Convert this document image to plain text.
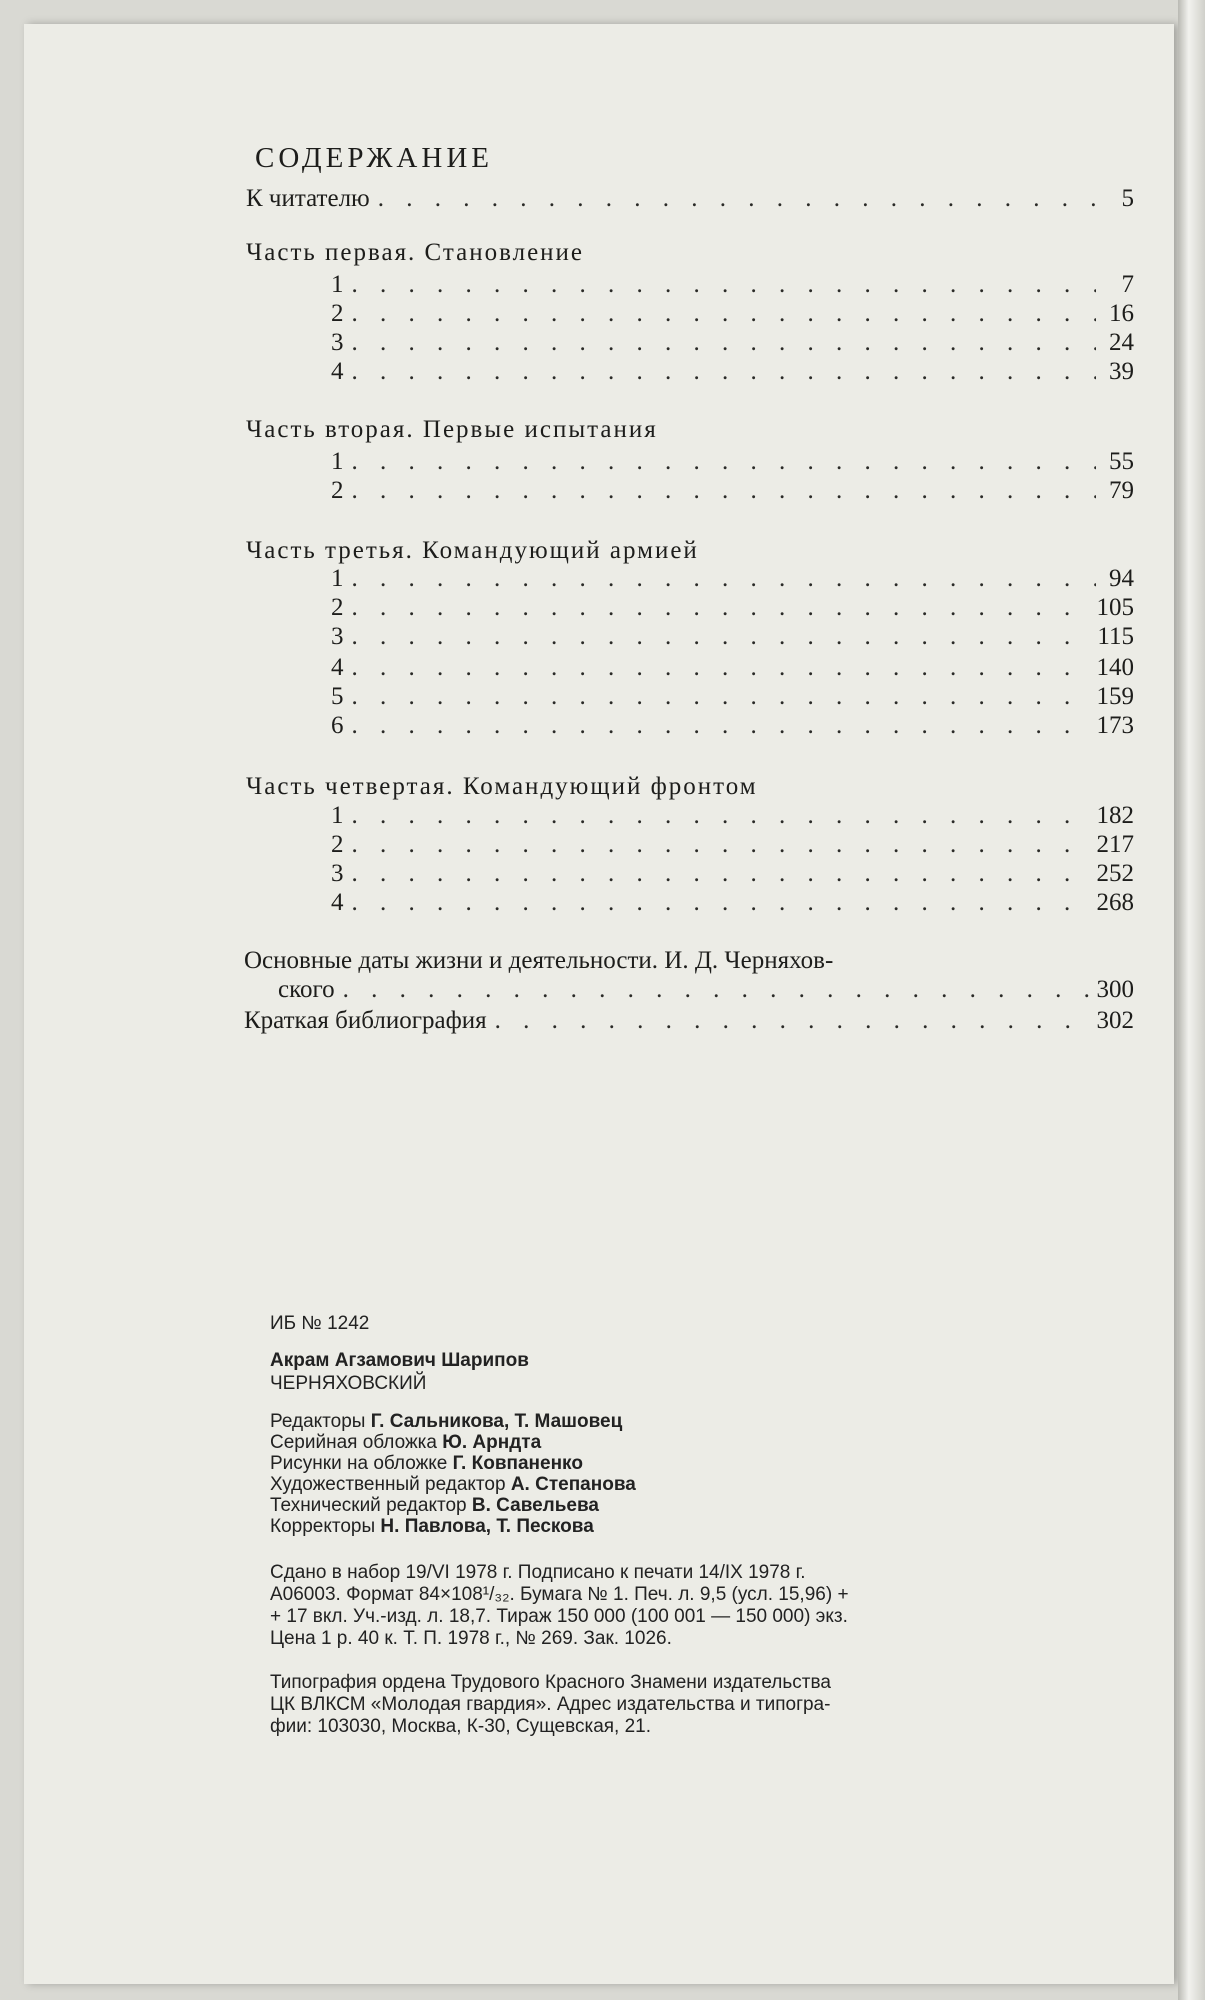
СОДЕРЖАНИЕ
К читателю . . .	5
Часть первая. Становление
1 . . .	7
2 . . .	16
3 . . .	24
4 . . .	39
Часть вторая. Первые испытания
1 . . .	55
2 . . .	79
Часть третья. Командующий армией
1 . . .	94
2 . . .	105
3 . . .	115
4 . . .	140
5 . . .	159
6 . . .	173
Часть четвертая. Командующий фронтом
1 . . .	182
2 . . .	217
3 . . .	252
4 . . .	268
Основные даты жизни и деятельности. И. Д. Черняхов-
ского . . .	300
Краткая библиография . . .	302
ИБ № 1242
Акрам Агзамович Шарипов
ЧЕРНЯХОВСКИЙ
Редакторы Г. Сальникова, Т. Машовец
Серийная обложка Ю. Арндта
Рисунки на обложке Г. Ковпаненко
Художественный редактор А. Степанова
Технический редактор В. Савельева
Корректоры Н. Павлова, Т. Пескова
Сдано в набор 19/VI 1978 г. Подписано к печати 14/IX 1978 г.
А06003. Формат 84×108¹/₃₂. Бумага № 1. Печ. л. 9,5 (усл. 15,96) +
+ 17 вкл. Уч.-изд. л. 18,7. Тираж 150 000 (100 001 — 150 000) экз.
Цена 1 р. 40 к. Т. П. 1978 г., № 269. Зак. 1026.
Типография ордена Трудового Красного Знамени издательства
ЦК ВЛКСМ «Молодая гвардия». Адрес издательства и типогра-
фии: 103030, Москва, К-30, Сущевская, 21.
